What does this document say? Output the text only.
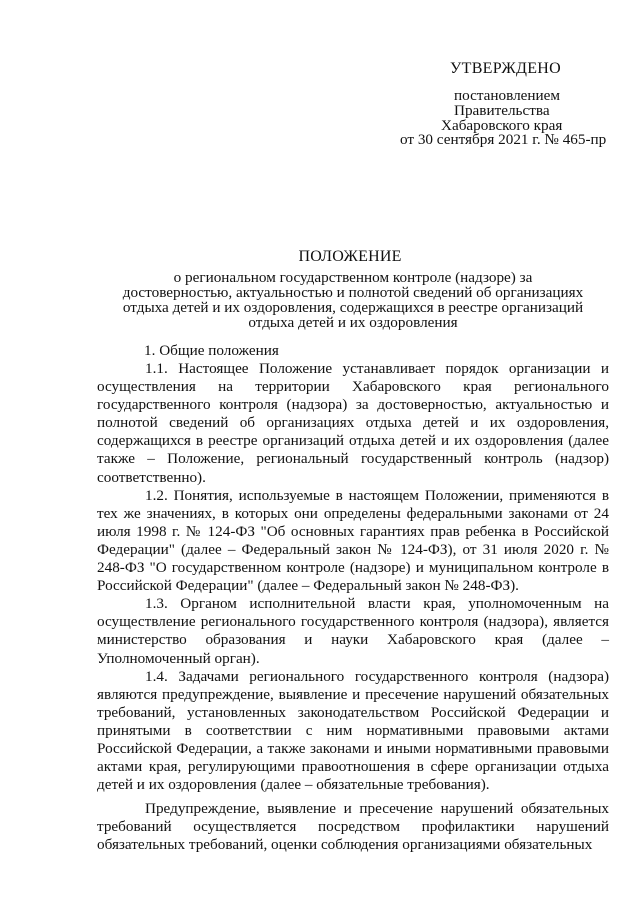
УТВЕРЖДЕНО
постановлением
Правительства
Хабаровского края
от 30 сентября 2021 г. № 465-пр
ПОЛОЖЕНИЕ

о региональном государственном контроле (надзоре) за
достоверностью, актуальностью и полнотой сведений об организациях
отдыха детей и их оздоровления, содержащихся в реестре организаций
отдыха детей и их оздоровления

1. Общие положения

1.1. Настоящее Положение устанавливает порядок организации и осуществления на территории Хабаровского края регионального государственного контроля (надзора) за достоверностью, актуальностью и полнотой сведений об организациях отдыха детей и их оздоровления, содержащихся в реестре организаций отдыха детей и их оздоровления (далее также – Положение, региональный государственный контроль (надзор) соответственно).

1.2. Понятия, используемые в настоящем Положении, применяются в тех же значениях, в которых они определены федеральными законами от 24 июля 1998 г. № 124-ФЗ "Об основных гарантиях прав ребенка в Российской Федерации" (далее – Федеральный закон № 124-ФЗ), от 31 июля 2020 г. № 248-ФЗ "О государственном контроле (надзоре) и муниципальном контроле в Российской Федерации" (далее – Федеральный закон № 248-ФЗ).

1.3. Органом исполнительной власти края, уполномоченным на осуществление регионального государственного контроля (надзора), является министерство образования и науки Хабаровского края (далее – Уполномоченный орган).

1.4. Задачами регионального государственного контроля (надзора) являются предупреждение, выявление и пресечение нарушений обязательных требований, установленных законодательством Российской Федерации и принятыми в соответствии с ним нормативными правовыми актами Российской Федерации, а также законами и иными нормативными правовыми актами края, регулирующими правоотношения в сфере организации отдыха детей и их оздоровления (далее – обязательные требования).

Предупреждение, выявление и пресечение нарушений обязательных требований осуществляется посредством профилактики нарушений обязательных требований, оценки соблюдения организациями обязательных
